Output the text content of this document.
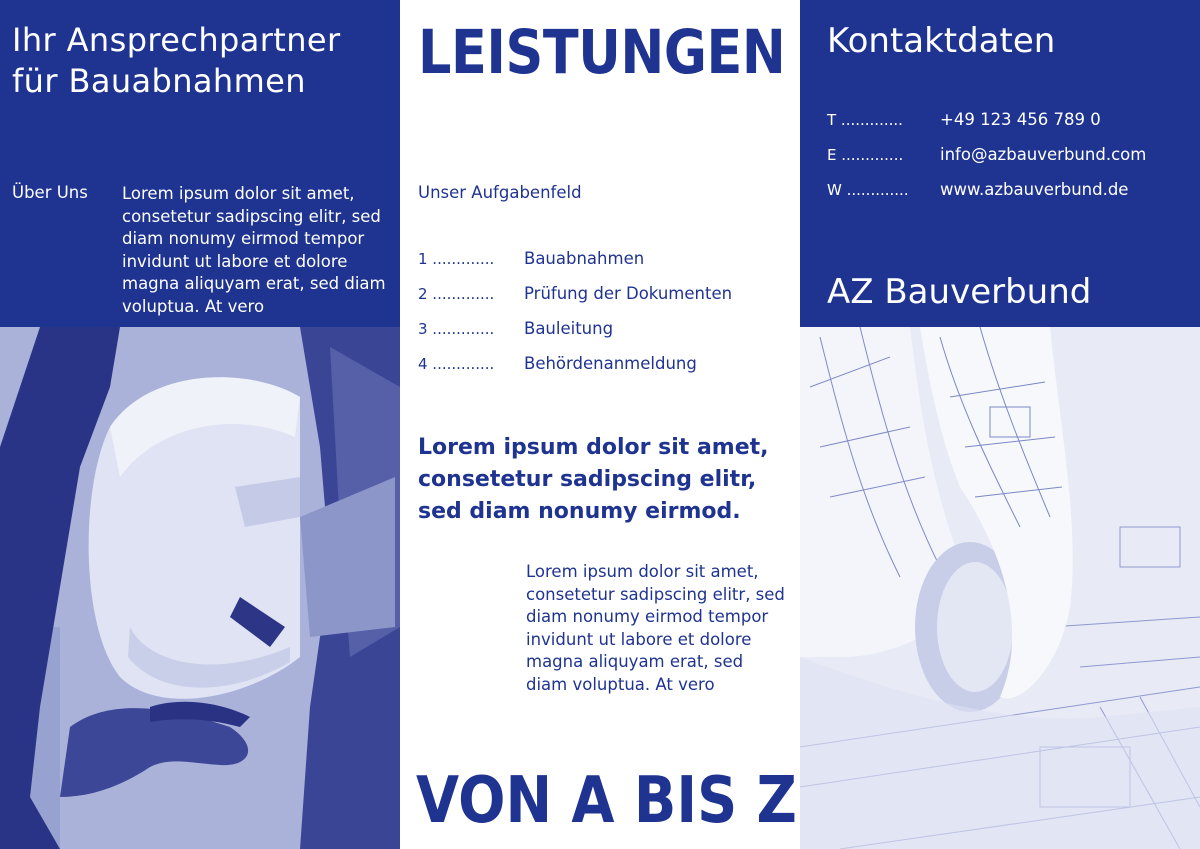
Ihr Ansprechpartner
für Bauabnahmen
Über Uns Lorem ipsum dolor sit amet, consetetur sadipscing elitr, sed diam nonumy eirmod tempor invidunt ut labore et dolore magna aliquyam erat, sed diam voluptua. At vero
LEISTUNGEN
Unser Aufgabenfeld
1 .............	Bauabnahmen
2 .............	Prüfung der Dokumenten
3 .............	Bauleitung
4 .............	Behördenanmeldung
Lorem ipsum dolor sit amet, consetetur sadipscing elitr, sed diam nonumy eirmod.
Lorem ipsum dolor sit amet, consetetur sadipscing elitr, sed diam nonumy eirmod tempor invidunt ut labore et dolore magna aliquyam erat, sed diam voluptua. At vero
VON A BIS Z
Kontaktdaten
T .............	+49 123 456 789 0
E .............	info@azbauverbund.com
W .............	www.azbauverbund.de
AZ Bauverbund
